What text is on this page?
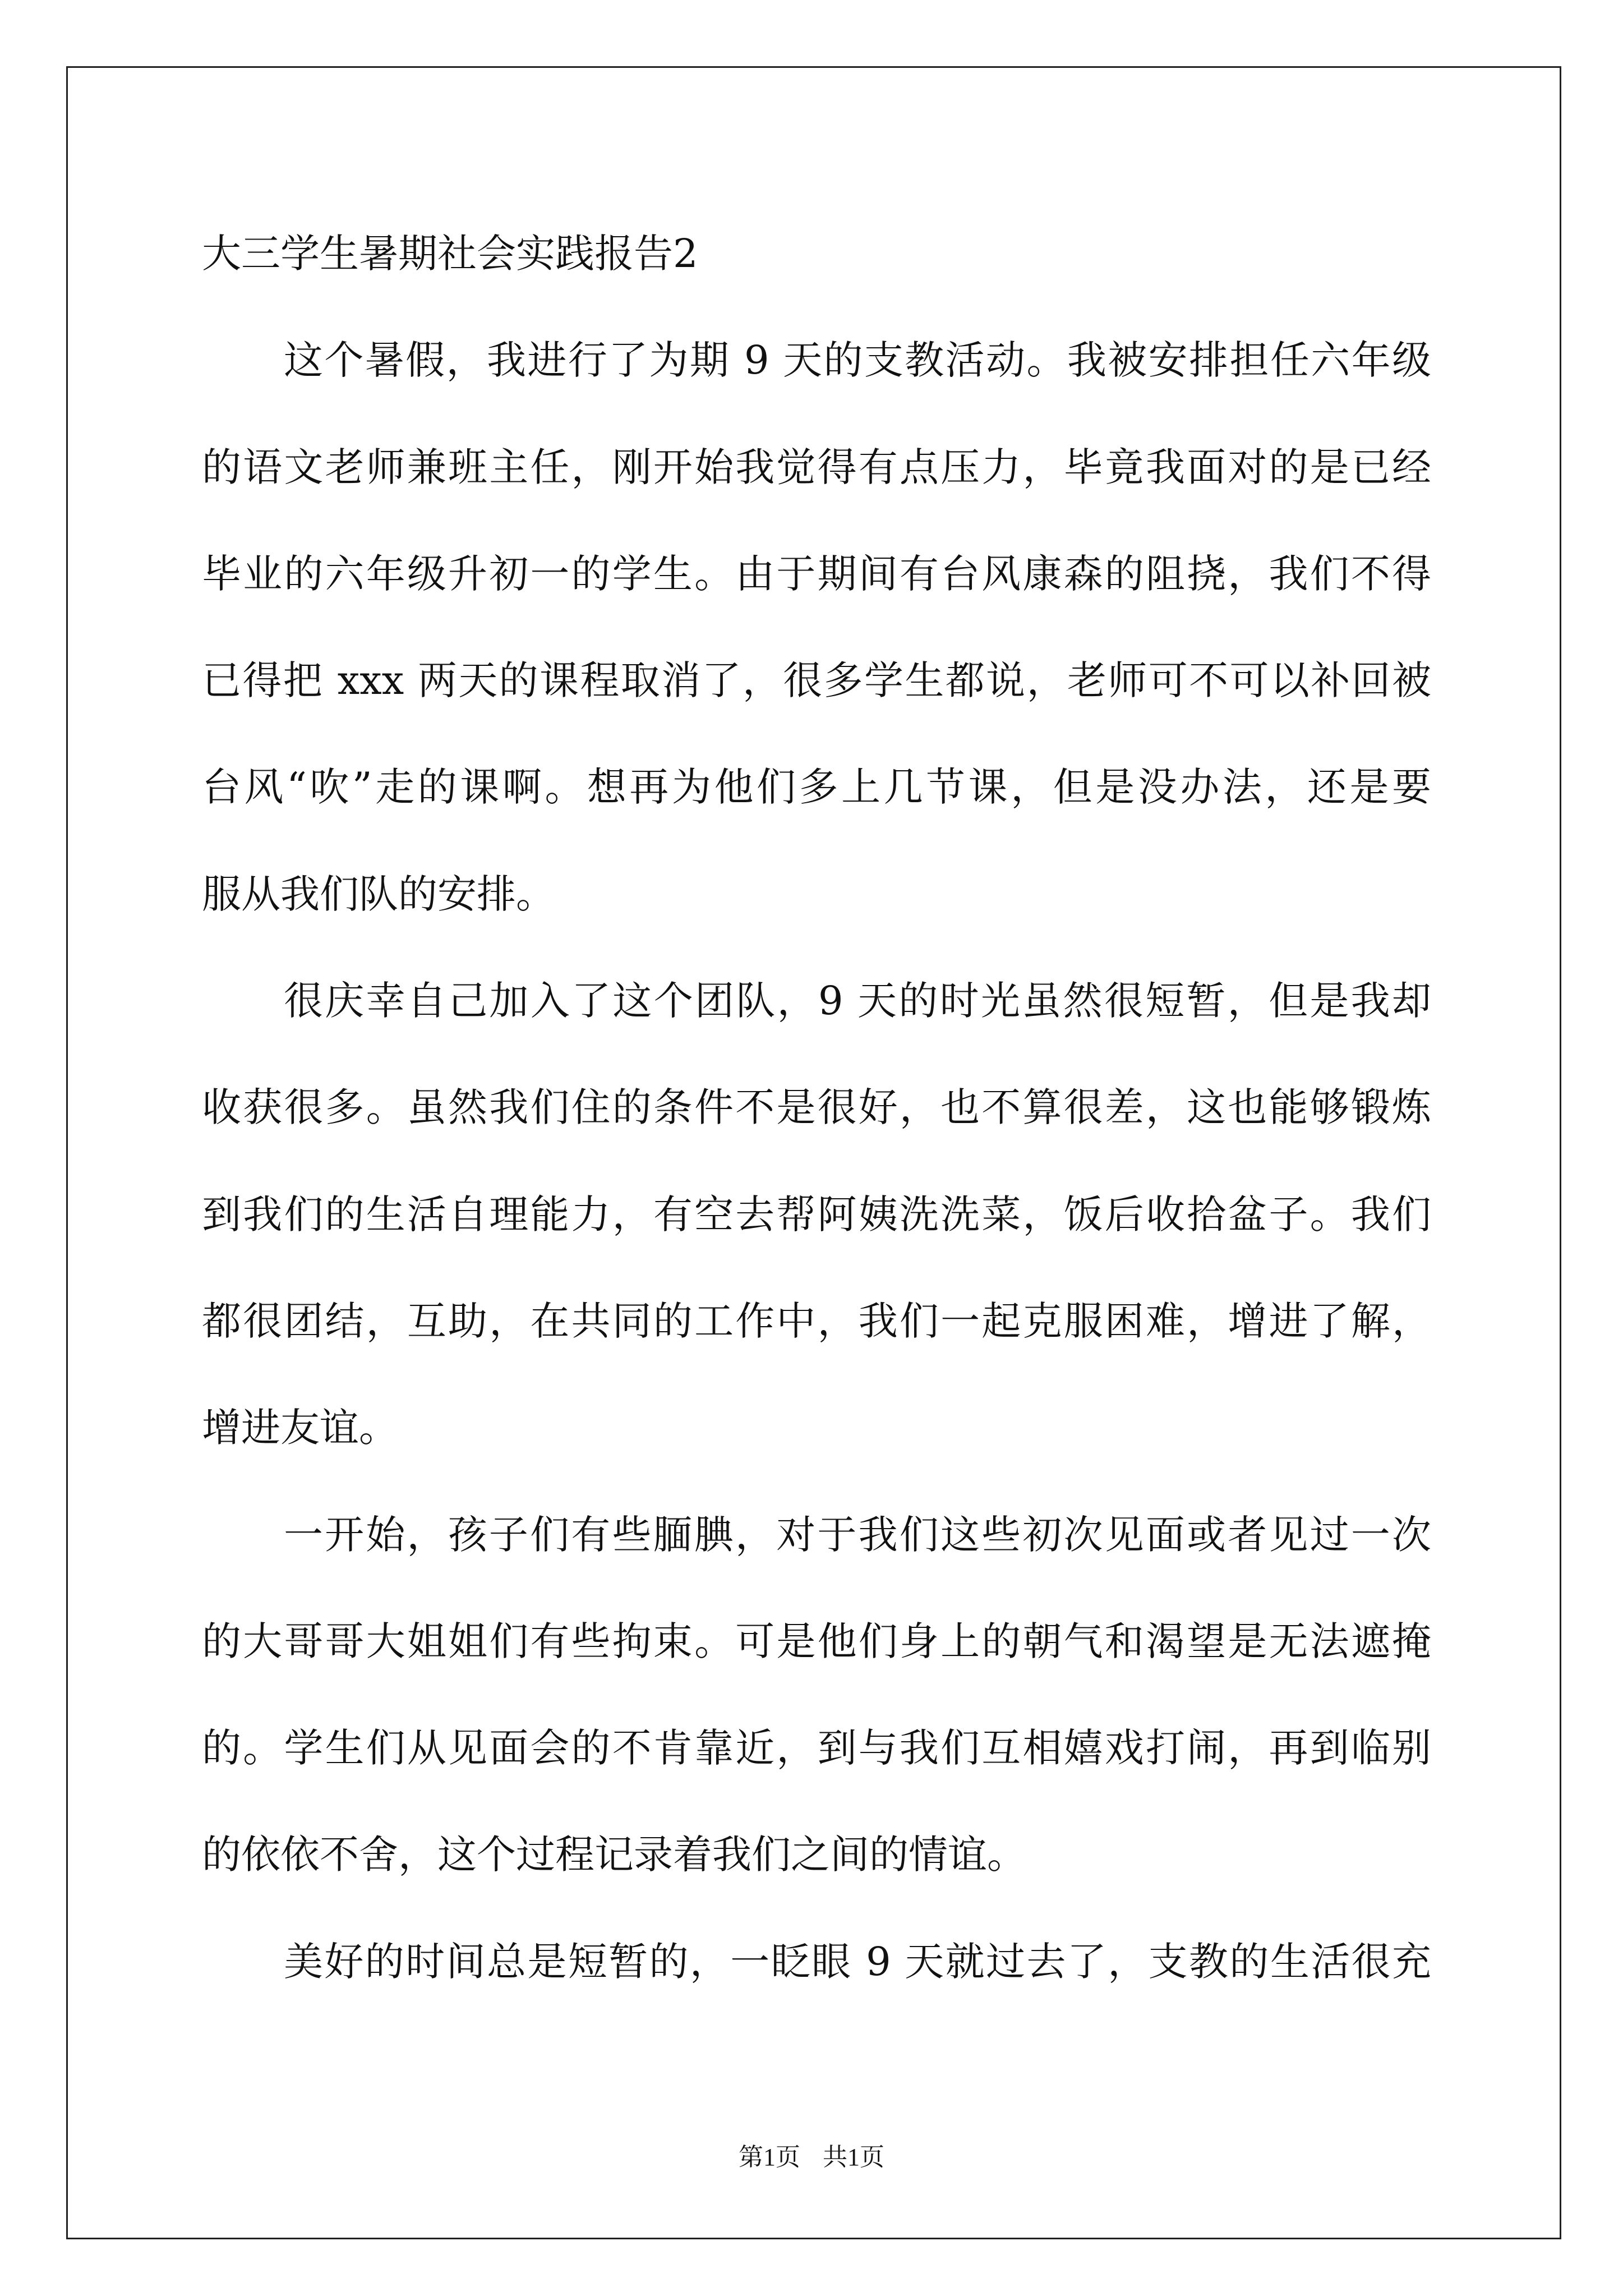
大三学生暑期社会实践报告2
这个暑假，我进行了为期 9 天的支教活动。我被安排担任六年级
的语文老师兼班主任，刚开始我觉得有点压力，毕竟我面对的是已经
毕业的六年级升初一的学生。由于期间有台风康森的阻挠，我们不得
已得把 xxx 两天的课程取消了，很多学生都说，老师可不可以补回被
台风“吹”走的课啊。想再为他们多上几节课，但是没办法，还是要
服从我们队的安排。
很庆幸自己加入了这个团队，9 天的时光虽然很短暂，但是我却
收获很多。虽然我们住的条件不是很好，也不算很差，这也能够锻炼
到我们的生活自理能力，有空去帮阿姨洗洗菜，饭后收拾盆子。我们
都很团结，互助，在共同的工作中，我们一起克服困难，增进了解，
增进友谊。
一开始，孩子们有些腼腆，对于我们这些初次见面或者见过一次
的大哥哥大姐姐们有些拘束。可是他们身上的朝气和渴望是无法遮掩
的。学生们从见面会的不肯靠近，到与我们互相嬉戏打闹，再到临别
的依依不舍，这个过程记录着我们之间的情谊。
美好的时间总是短暂的，一眨眼 9 天就过去了，支教的生活很充
第1页 共1页
